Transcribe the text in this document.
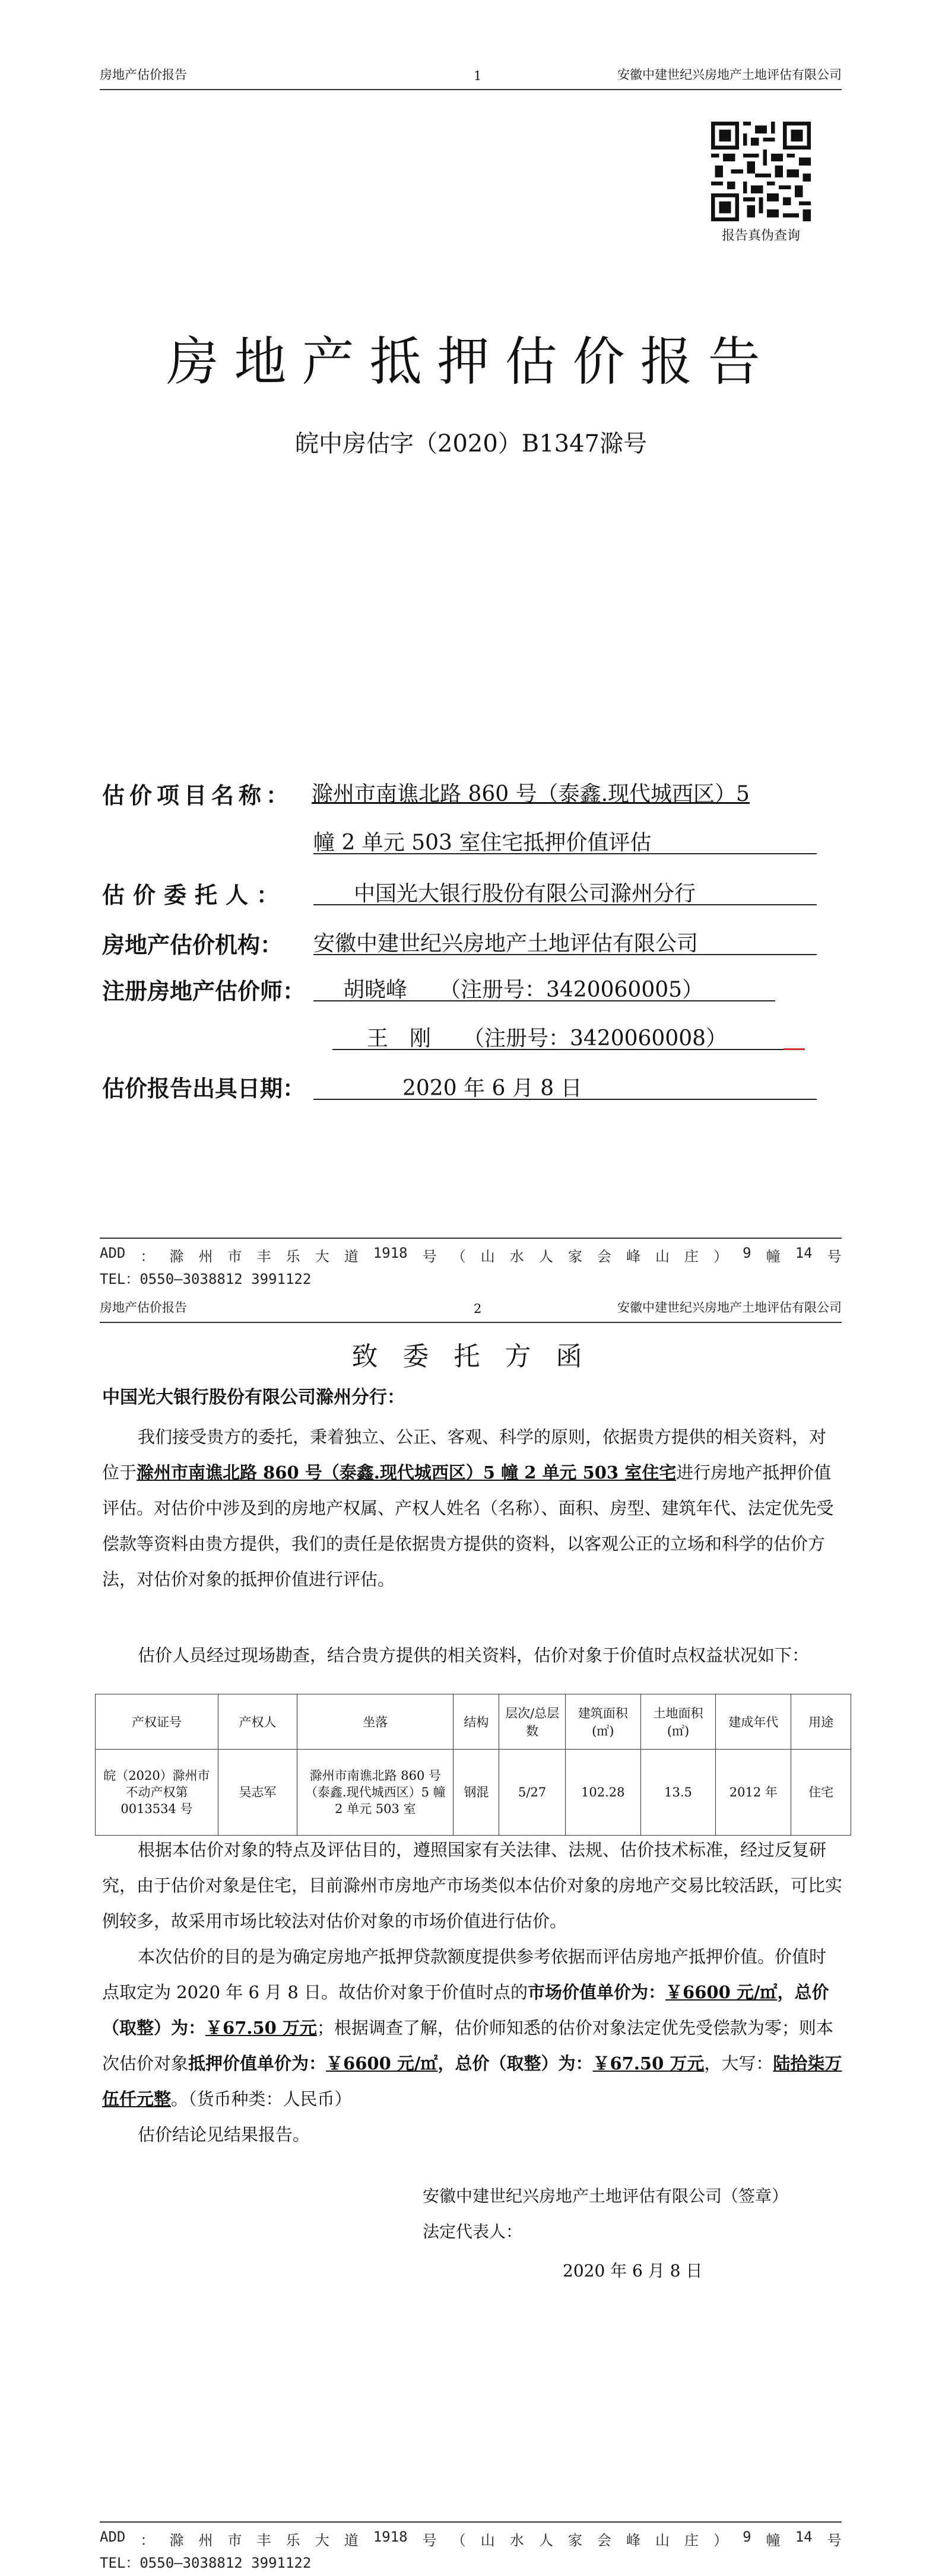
房地产估价报告	1	安徽中建世纪兴房地产土地评估有限公司
报告真伪查询
房地产抵押估价报告
皖中房估字（2020）B1347滁号
估价项目名称： 滁州市南谯北路 860 号（泰鑫.现代城西区）5
幢 2 单元 503 室住宅抵押价值评估
估价委托人：	中国光大银行股份有限公司滁州分行
房地产估价机构： 安徽中建世纪兴房地产土地评估有限公司
注册房地产估价师： 胡晓峰　　（注册号：3420060005）
王　刚　　（注册号：3420060008）
估价报告出具日期：	2020 年 6 月 8 日
ADD ： 滁 州 市 丰 乐 大 道 1918 号 （ 山 水 人 家 会 峰 山 庄 ） 9 幢 14 号
TEL：0550—3038812 3991122
房地产估价报告	2	安徽中建世纪兴房地产土地评估有限公司
致 委 托 方 函
中国光大银行股份有限公司滁州分行：
我们接受贵方的委托，秉着独立、公正、客观、科学的原则，依据贵方提供的相关资料，对位于滁州市南谯北路 860 号（泰鑫.现代城西区）5 幢 2 单元 503 室住宅进行房地产抵押价值评估。对估价中涉及到的房地产权属、产权人姓名（名称）、面积、房型、建筑年代、法定优先受偿款等资料由贵方提供，我们的责任是依据贵方提供的资料，以客观公正的立场和科学的估价方法，对估价对象的抵押价值进行评估。
估价人员经过现场勘查，结合贵方提供的相关资料，估价对象于价值时点权益状况如下：
产权证号	产权人	坐落	结构	层次/总层数	建筑面积(㎡)	土地面积(㎡)	建成年代	用途
皖（2020）滁州市不动产权第 0013534 号	吴志军	滁州市南谯北路 860 号（泰鑫.现代城西区）5 幢 2 单元 503 室	钢混	5/27	102.28	13.5	2012 年	住宅
根据本估价对象的特点及评估目的，遵照国家有关法律、法规、估价技术标准，经过反复研究，由于估价对象是住宅，目前滁州市房地产市场类似本估价对象的房地产交易比较活跃，可比实例较多，故采用市场比较法对估价对象的市场价值进行估价。
本次估价的目的是为确定房地产抵押贷款额度提供参考依据而评估房地产抵押价值。价值时点取定为 2020 年 6 月 8 日。故估价对象于价值时点的市场价值单价为：￥6600 元/㎡，总价（取整）为：￥67.50 万元；根据调查了解，估价师知悉的估价对象法定优先受偿款为零；则本次估价对象抵押价值单价为：￥6600 元/㎡，总价（取整）为：￥67.50 万元，大写：陆拾柒万伍仟元整。（货币种类：人民币）
估价结论见结果报告。
安徽中建世纪兴房地产土地评估有限公司（签章）
法定代表人：
2020 年 6 月 8 日
ADD ： 滁 州 市 丰 乐 大 道 1918 号 （ 山 水 人 家 会 峰 山 庄 ） 9 幢 14 号
TEL：0550—3038812 3991122
